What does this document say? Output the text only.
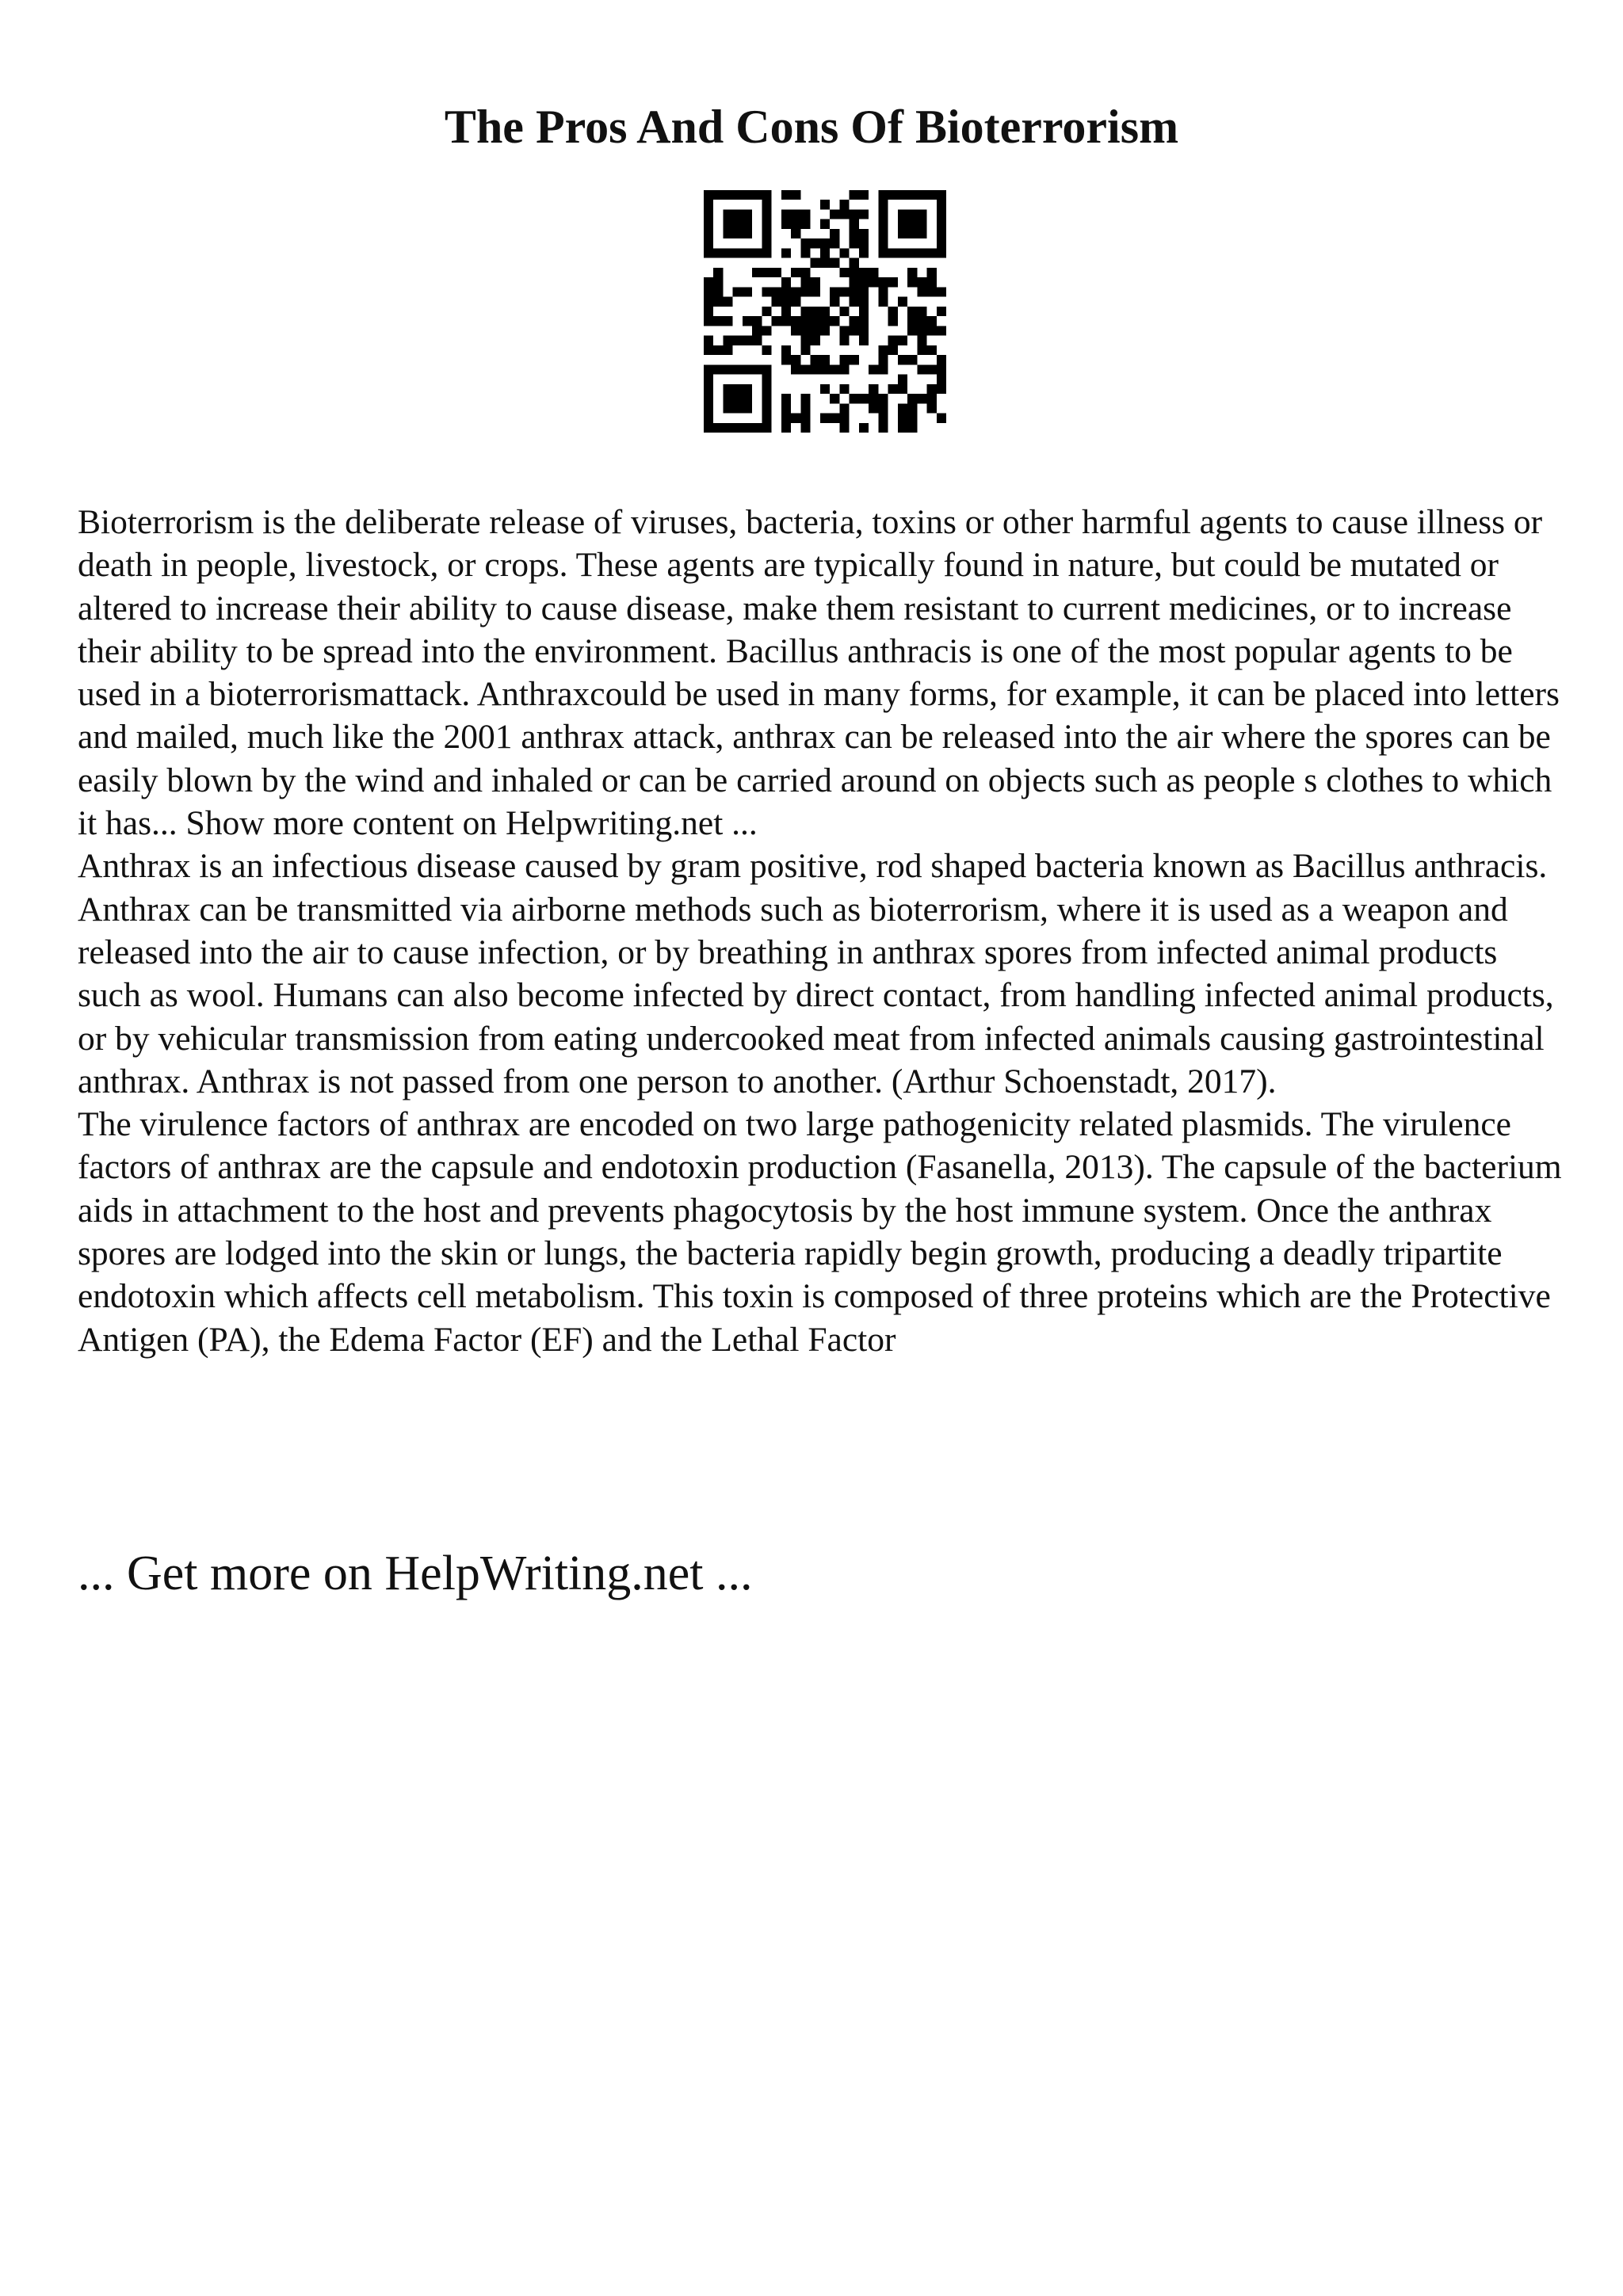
The Pros And Cons Of Bioterrorism

Bioterrorism is the deliberate release of viruses, bacteria, toxins or other harmful agents to cause illness or death in people, livestock, or crops. These agents are typically found in nature, but could be mutated or altered to increase their ability to cause disease, make them resistant to current medicines, or to increase their ability to be spread into the environment. Bacillus anthracis is one of the most popular agents to be used in a bioterrorismattack. Anthraxcould be used in many forms, for example, it can be placed into letters and mailed, much like the 2001 anthrax attack, anthrax can be released into the air where the spores can be easily blown by the wind and inhaled or can be carried around on objects such as people s clothes to which it has... Show more content on Helpwriting.net ...

Anthrax is an infectious disease caused by gram positive, rod shaped bacteria known as Bacillus anthracis. Anthrax can be transmitted via airborne methods such as bioterrorism, where it is used as a weapon and released into the air to cause infection, or by breathing in anthrax spores from infected animal products such as wool. Humans can also become infected by direct contact, from handling infected animal products, or by vehicular transmission from eating undercooked meat from infected animals causing gastrointestinal anthrax. Anthrax is not passed from one person to another. (Arthur Schoenstadt, 2017).

The virulence factors of anthrax are encoded on two large pathogenicity related plasmids. The virulence factors of anthrax are the capsule and endotoxin production (Fasanella, 2013). The capsule of the bacterium aids in attachment to the host and prevents phagocytosis by the host immune system. Once the anthrax spores are lodged into the skin or lungs, the bacteria rapidly begin growth, producing a deadly tripartite endotoxin which affects cell metabolism. This toxin is composed of three proteins which are the Protective Antigen (PA), the Edema Factor (EF) and the Lethal Factor

... Get more on HelpWriting.net ...
